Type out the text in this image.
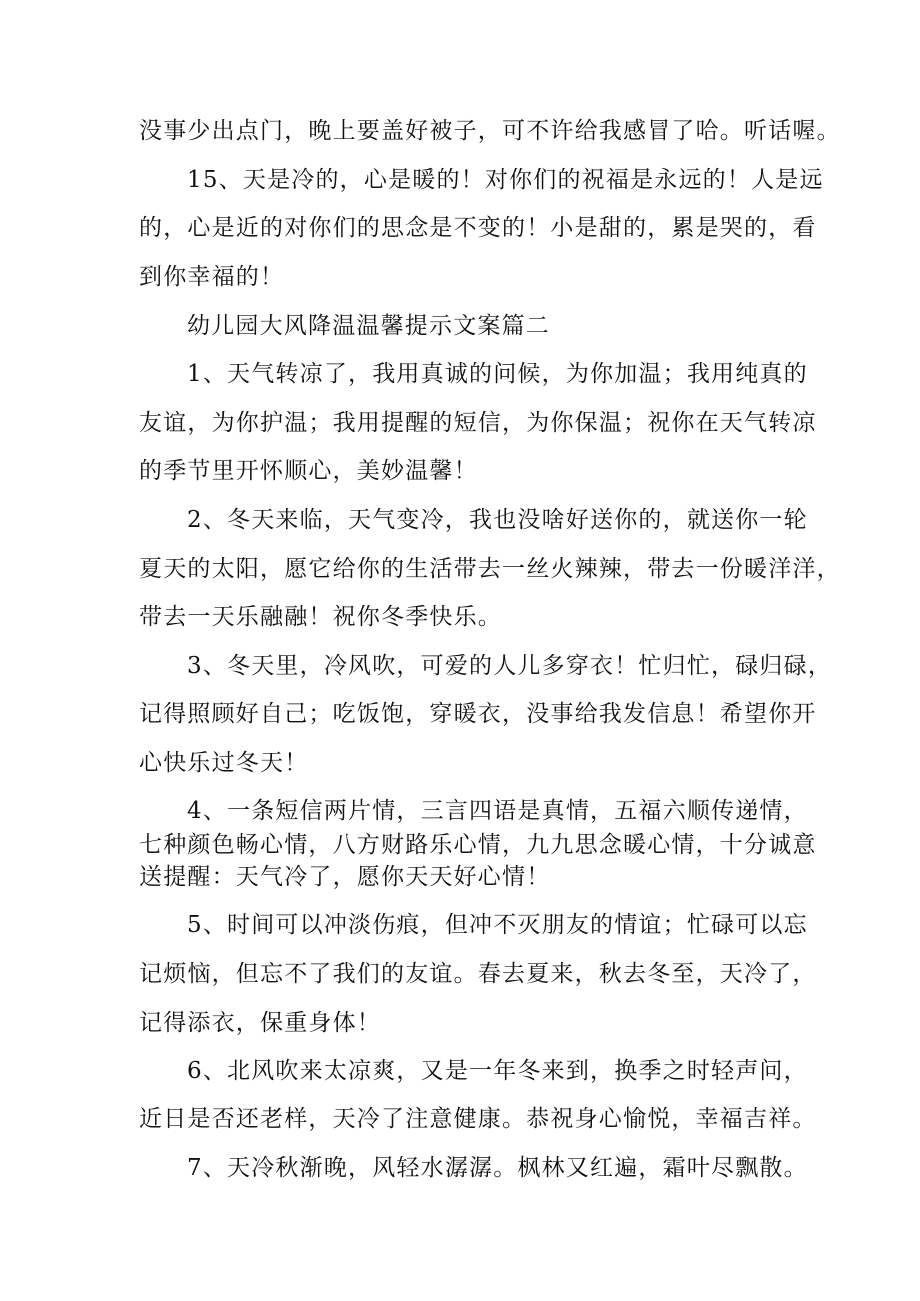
没事少出点门，晚上要盖好被子，可不许给我感冒了哈。听话喔。
15、天是冷的，心是暖的！对你们的祝福是永远的！人是远
的，心是近的对你们的思念是不变的！小是甜的，累是哭的，看
到你幸福的！
幼儿园大风降温温馨提示文案篇二
1、天气转凉了，我用真诚的问候，为你加温；我用纯真的
友谊，为你护温；我用提醒的短信，为你保温；祝你在天气转凉
的季节里开怀顺心，美妙温馨！
2、冬天来临，天气变冷，我也没啥好送你的，就送你一轮
夏天的太阳，愿它给你的生活带去一丝火辣辣，带去一份暖洋洋，
带去一天乐融融！祝你冬季快乐。
3、冬天里，冷风吹，可爱的人儿多穿衣！忙归忙，碌归碌，
记得照顾好自己；吃饭饱，穿暖衣，没事给我发信息！希望你开
心快乐过冬天！
4、一条短信两片情，三言四语是真情，五福六顺传递情，
七种颜色畅心情，八方财路乐心情，九九思念暖心情，十分诚意
送提醒：天气冷了，愿你天天好心情！
5、时间可以冲淡伤痕，但冲不灭朋友的情谊；忙碌可以忘
记烦恼，但忘不了我们的友谊。春去夏来，秋去冬至，天冷了，
记得添衣，保重身体！
6、北风吹来太凉爽，又是一年冬来到，换季之时轻声问，
近日是否还老样，天冷了注意健康。恭祝身心愉悦，幸福吉祥。
7、天冷秋渐晚，风轻水潺潺。枫林又红遍，霜叶尽飘散。
